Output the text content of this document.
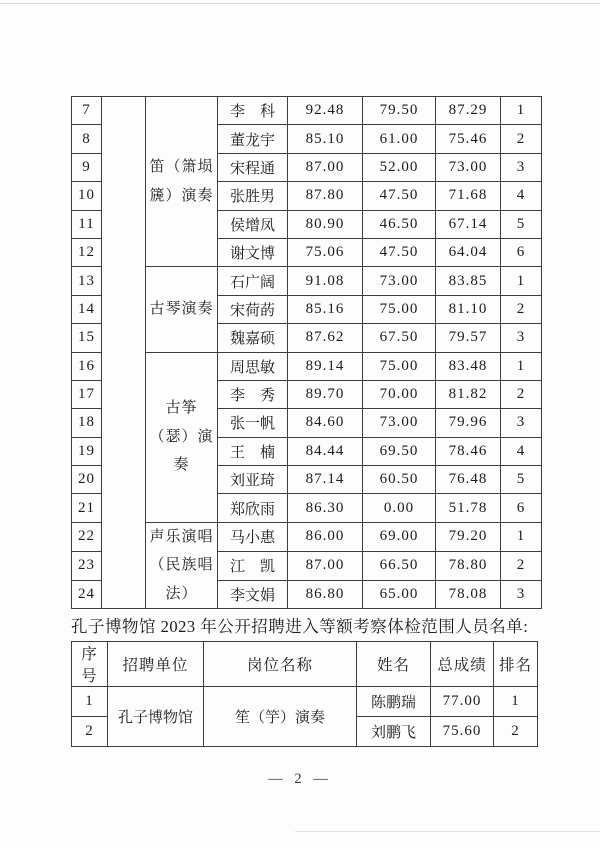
7		笛（箫埙篪）演奏	李　科	92.48	79.50	87.29	1
8			董龙宇	85.10	61.00	75.46	2
9			宋程通	87.00	52.00	73.00	3
10			张胜男	87.80	47.50	71.68	4
11			侯增凤	80.90	46.50	67.14	5
12			谢文博	75.06	47.50	64.04	6
13		古琴演奏	石广阔	91.08	73.00	83.85	1
14			宋荷菂	85.16	75.00	81.10	2
15			魏嘉硕	87.62	67.50	79.57	3
16		古筝（瑟）演奏	周思敏	89.14	75.00	83.48	1
17			李　秀	89.70	70.00	81.82	2
18			张一帆	84.60	73.00	79.96	3
19			王　楠	84.44	69.50	78.46	4
20			刘亚琦	87.14	60.50	76.48	5
21			郑欣雨	86.30	0.00	51.78	6
22		声乐演唱（民族唱法）	马小惠	86.00	69.00	79.20	1
23			江　凯	87.00	66.50	78.80	2
24			李文娟	86.80	65.00	78.08	3
孔子博物馆 2023 年公开招聘进入等额考察体检范围人员名单:
序号	招聘单位	岗位名称	姓名	总成绩	排名
1	孔子博物馆	笙（竽）演奏	陈鹏瑞	77.00	1
2			刘鹏飞	75.60	2
— 2 —
